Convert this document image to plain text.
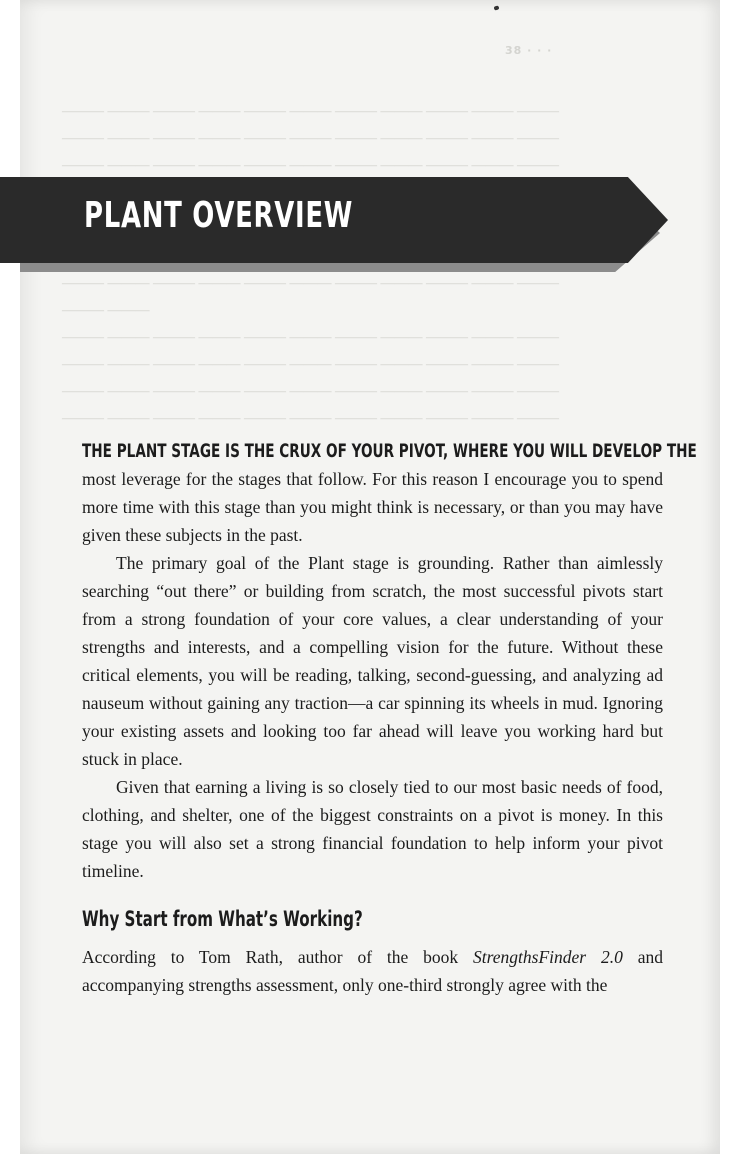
38 · · ·

——— ——— ——— ——— ——— ——— ——— ——— ——— ——— ———

——— ——— ——— ——— ——— ——— ——— ——— ——— ——— ———

——— ——— ——— ——— ——— ——— ——— ——— ——— ——— ———

——— ——— ——— ——— ——— ——— ——— ——— ——— ——— ———

——— ———

——— ——— ——— ——— ——— ——— ——— ——— ——— ——— ———

——— ——— ——— ——— ——— ——— ——— ——— ——— ——— ———

——— ——— ——— ——— ——— ——— ——— ——— ——— ——— ———

——— ——— ——— ——— ——— ——— ——— ——— ——— ——— ———

PLANT OVERVIEW
THE PLANT STAGE IS THE CRUX OF YOUR PIVOT, WHERE YOU WILL DEVELOP THE

most leverage for the stages that follow. For this reason I encourage you to spend more time with this stage than you might think is necessary, or than you may have given these subjects in the past.

The primary goal of the Plant stage is grounding. Rather than aimlessly searching “out there” or building from scratch, the most successful pivots start from a strong foundation of your core values, a clear understanding of your strengths and interests, and a compelling vision for the future. Without these critical elements, you will be reading, talking, second-guessing, and analyzing ad nauseum without gaining any traction—a car spinning its wheels in mud. Ignoring your existing assets and looking too far ahead will leave you working hard but stuck in place.

Given that earning a living is so closely tied to our most basic needs of food, clothing, and shelter, one of the biggest constraints on a pivot is money. In this stage you will also set a strong financial foundation to help inform your pivot timeline.

Why Start from What’s Working?

According to Tom Rath, author of the book StrengthsFinder 2.0 and accompanying strengths assessment, only one-third strongly agree with the
